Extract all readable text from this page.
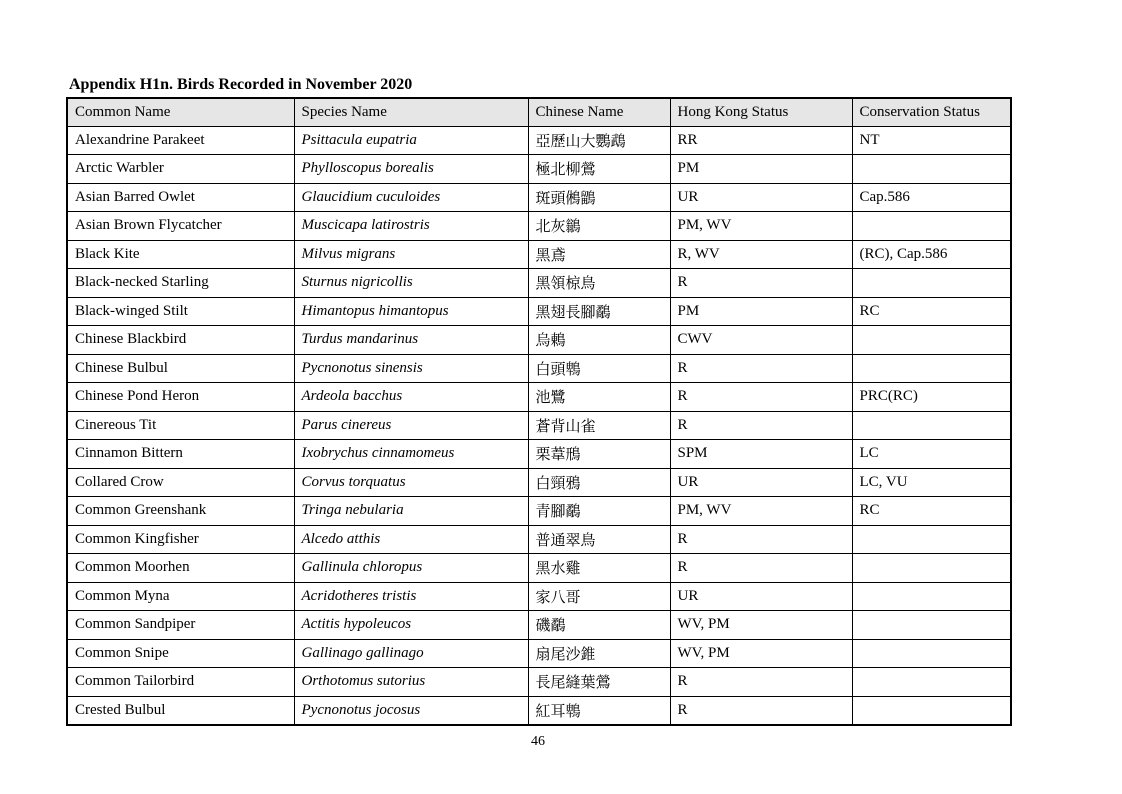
Appendix H1n. Birds Recorded in November 2020
Common Name	Species Name	Chinese Name	Hong Kong Status	Conservation Status
Alexandrine Parakeet	Psittacula eupatria	亞歷山大鸚鵡	RR	NT
Arctic Warbler	Phylloscopus borealis	極北柳鶯	PM	
Asian Barred Owlet	Glaucidium cuculoides	斑頭鵂鶹	UR	Cap.586
Asian Brown Flycatcher	Muscicapa latirostris	北灰鶲	PM, WV	
Black Kite	Milvus migrans	黑鳶	R, WV	(RC), Cap.586
Black-necked Starling	Sturnus nigricollis	黑領椋鳥	R	
Black-winged Stilt	Himantopus himantopus	黑翅長腳鷸	PM	RC
Chinese Blackbird	Turdus mandarinus	烏鶇	CWV	
Chinese Bulbul	Pycnonotus sinensis	白頭鵯	R	
Chinese Pond Heron	Ardeola bacchus	池鷺	R	PRC(RC)
Cinereous Tit	Parus cinereus	蒼背山雀	R	
Cinnamon Bittern	Ixobrychus cinnamomeus	栗葦鳽	SPM	LC
Collared Crow	Corvus torquatus	白頸鴉	UR	LC, VU
Common Greenshank	Tringa nebularia	青腳鷸	PM, WV	RC
Common Kingfisher	Alcedo atthis	普通翠鳥	R	
Common Moorhen	Gallinula chloropus	黑水雞	R	
Common Myna	Acridotheres tristis	家八哥	UR	
Common Sandpiper	Actitis hypoleucos	磯鷸	WV, PM	
Common Snipe	Gallinago gallinago	扇尾沙錐	WV, PM	
Common Tailorbird	Orthotomus sutorius	長尾縫葉鶯	R	
Crested Bulbul	Pycnonotus jocosus	紅耳鵯	R	
46
